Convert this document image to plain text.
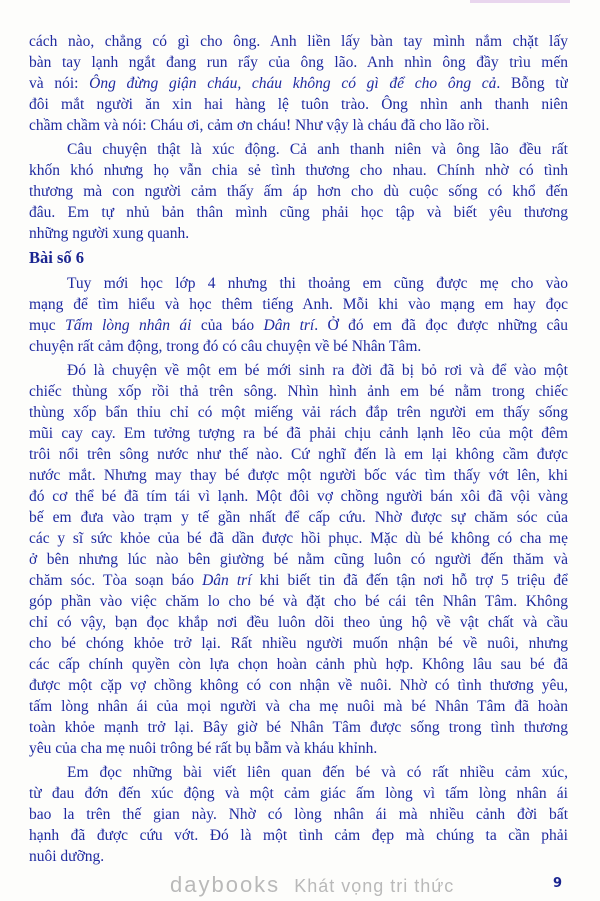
cách nào, chẳng có gì cho ông. Anh liền lấy bàn tay mình nắm chặt lấy
bàn tay lạnh ngắt đang run rẩy của ông lão. Anh nhìn ông đầy trìu mến
và nói: Ông đừng giận cháu, cháu không có gì để cho ông cả. Bỗng từ
đôi mắt người ăn xin hai hàng lệ tuôn trào. Ông nhìn anh thanh niên
chầm chầm và nói: Cháu ơi, cảm ơn cháu! Như vậy là cháu đã cho lão rồi.
Câu chuyện thật là xúc động. Cả anh thanh niên và ông lão đều rất
khốn khó nhưng họ vẫn chia sẻ tình thương cho nhau. Chính nhờ có tình
thương mà con người cảm thấy ấm áp hơn cho dù cuộc sống có khổ đến
đâu. Em tự nhủ bản thân mình cũng phải học tập và biết yêu thương
những người xung quanh.
Bài số 6
Tuy mới học lớp 4 nhưng thi thoảng em cũng được mẹ cho vào
mạng để tìm hiểu và học thêm tiếng Anh. Mỗi khi vào mạng em hay đọc
mục Tấm lòng nhân ái của báo Dân trí. Ở đó em đã đọc được những câu
chuyện rất cảm động, trong đó có câu chuyện về bé Nhân Tâm.
Đó là chuyện về một em bé mới sinh ra đời đã bị bỏ rơi và để vào một
chiếc thùng xốp rồi thả trên sông. Nhìn hình ảnh em bé nằm trong chiếc
thùng xốp bẩn thỉu chỉ có một miếng vải rách đắp trên người em thấy sống
mũi cay cay. Em tưởng tượng ra bé đã phải chịu cảnh lạnh lẽo của một đêm
trôi nổi trên sông nước như thế nào. Cứ nghĩ đến là em lại không cầm được
nước mắt. Nhưng may thay bé được một người bốc vác tìm thấy vớt lên, khi
đó cơ thể bé đã tím tái vì lạnh. Một đôi vợ chồng người bán xôi đã vội vàng
bế em đưa vào trạm y tế gần nhất để cấp cứu. Nhờ được sự chăm sóc của
các y sĩ sức khỏe của bé đã dần được hồi phục. Mặc dù bé không có cha mẹ
ở bên nhưng lúc nào bên giường bé nằm cũng luôn có người đến thăm và
chăm sóc. Tòa soạn báo Dân trí khi biết tin đã đến tận nơi hỗ trợ 5 triệu để
góp phần vào việc chăm lo cho bé và đặt cho bé cái tên Nhân Tâm. Không
chỉ có vậy, bạn đọc khắp nơi đều luôn dõi theo ủng hộ về vật chất và cầu
cho bé chóng khỏe trở lại. Rất nhiều người muốn nhận bé về nuôi, nhưng
các cấp chính quyền còn lựa chọn hoàn cảnh phù hợp. Không lâu sau bé đã
được một cặp vợ chồng không có con nhận về nuôi. Nhờ có tình thương yêu,
tấm lòng nhân ái của mọi người và cha mẹ nuôi mà bé Nhân Tâm đã hoàn
toàn khỏe mạnh trở lại. Bây giờ bé Nhân Tâm được sống trong tình thương
yêu của cha mẹ nuôi trông bé rất bụ bẫm và kháu khỉnh.
Em đọc những bài viết liên quan đến bé và có rất nhiều cảm xúc,
từ đau đớn đến xúc động và một cảm giác ấm lòng vì tấm lòng nhân ái
bao la trên thế gian này. Nhờ có lòng nhân ái mà nhiều cảnh đời bất
hạnh đã được cứu vớt. Đó là một tình cảm đẹp mà chúng ta cần phải
nuôi dưỡng.
9
daybooks Khát vọng tri thức
